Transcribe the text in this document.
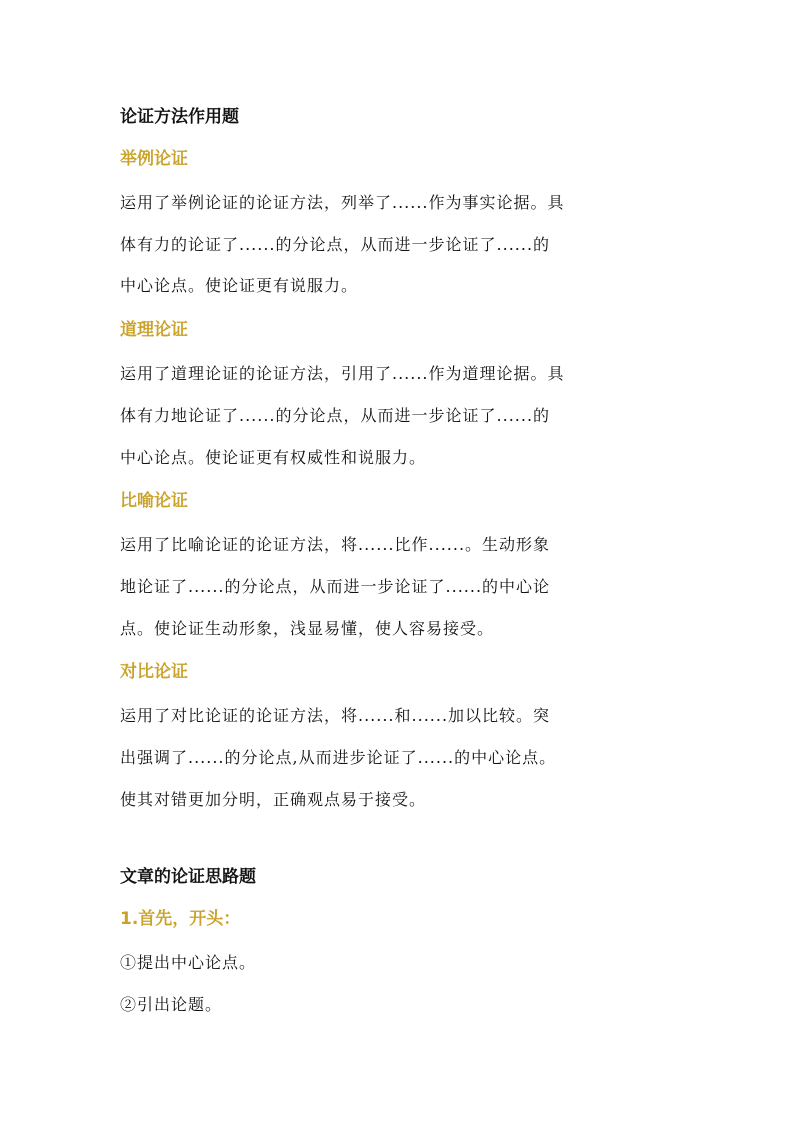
论证方法作用题
举例论证

运用了举例论证的论证方法，列举了......作为事实论据。具
体有力的论证了......的分论点，从而进一步论证了......的
中心论点。使论证更有说服力。

道理论证

运用了道理论证的论证方法，引用了......作为道理论据。具
体有力地论证了......的分论点，从而进一步论证了......的
中心论点。使论证更有权威性和说服力。

比喻论证

运用了比喻论证的论证方法，将......比作......。生动形象
地论证了......的分论点，从而进一步论证了......的中心论
点。使论证生动形象，浅显易懂，使人容易接受。

对比论证

运用了对比论证的论证方法，将......和......加以比较。突
出强调了......的分论点,从而进步论证了......的中心论点。
使其对错更加分明，正确观点易于接受。

文章的论证思路题
1.首先，开头：
①提出中心论点。
②引出论题。
